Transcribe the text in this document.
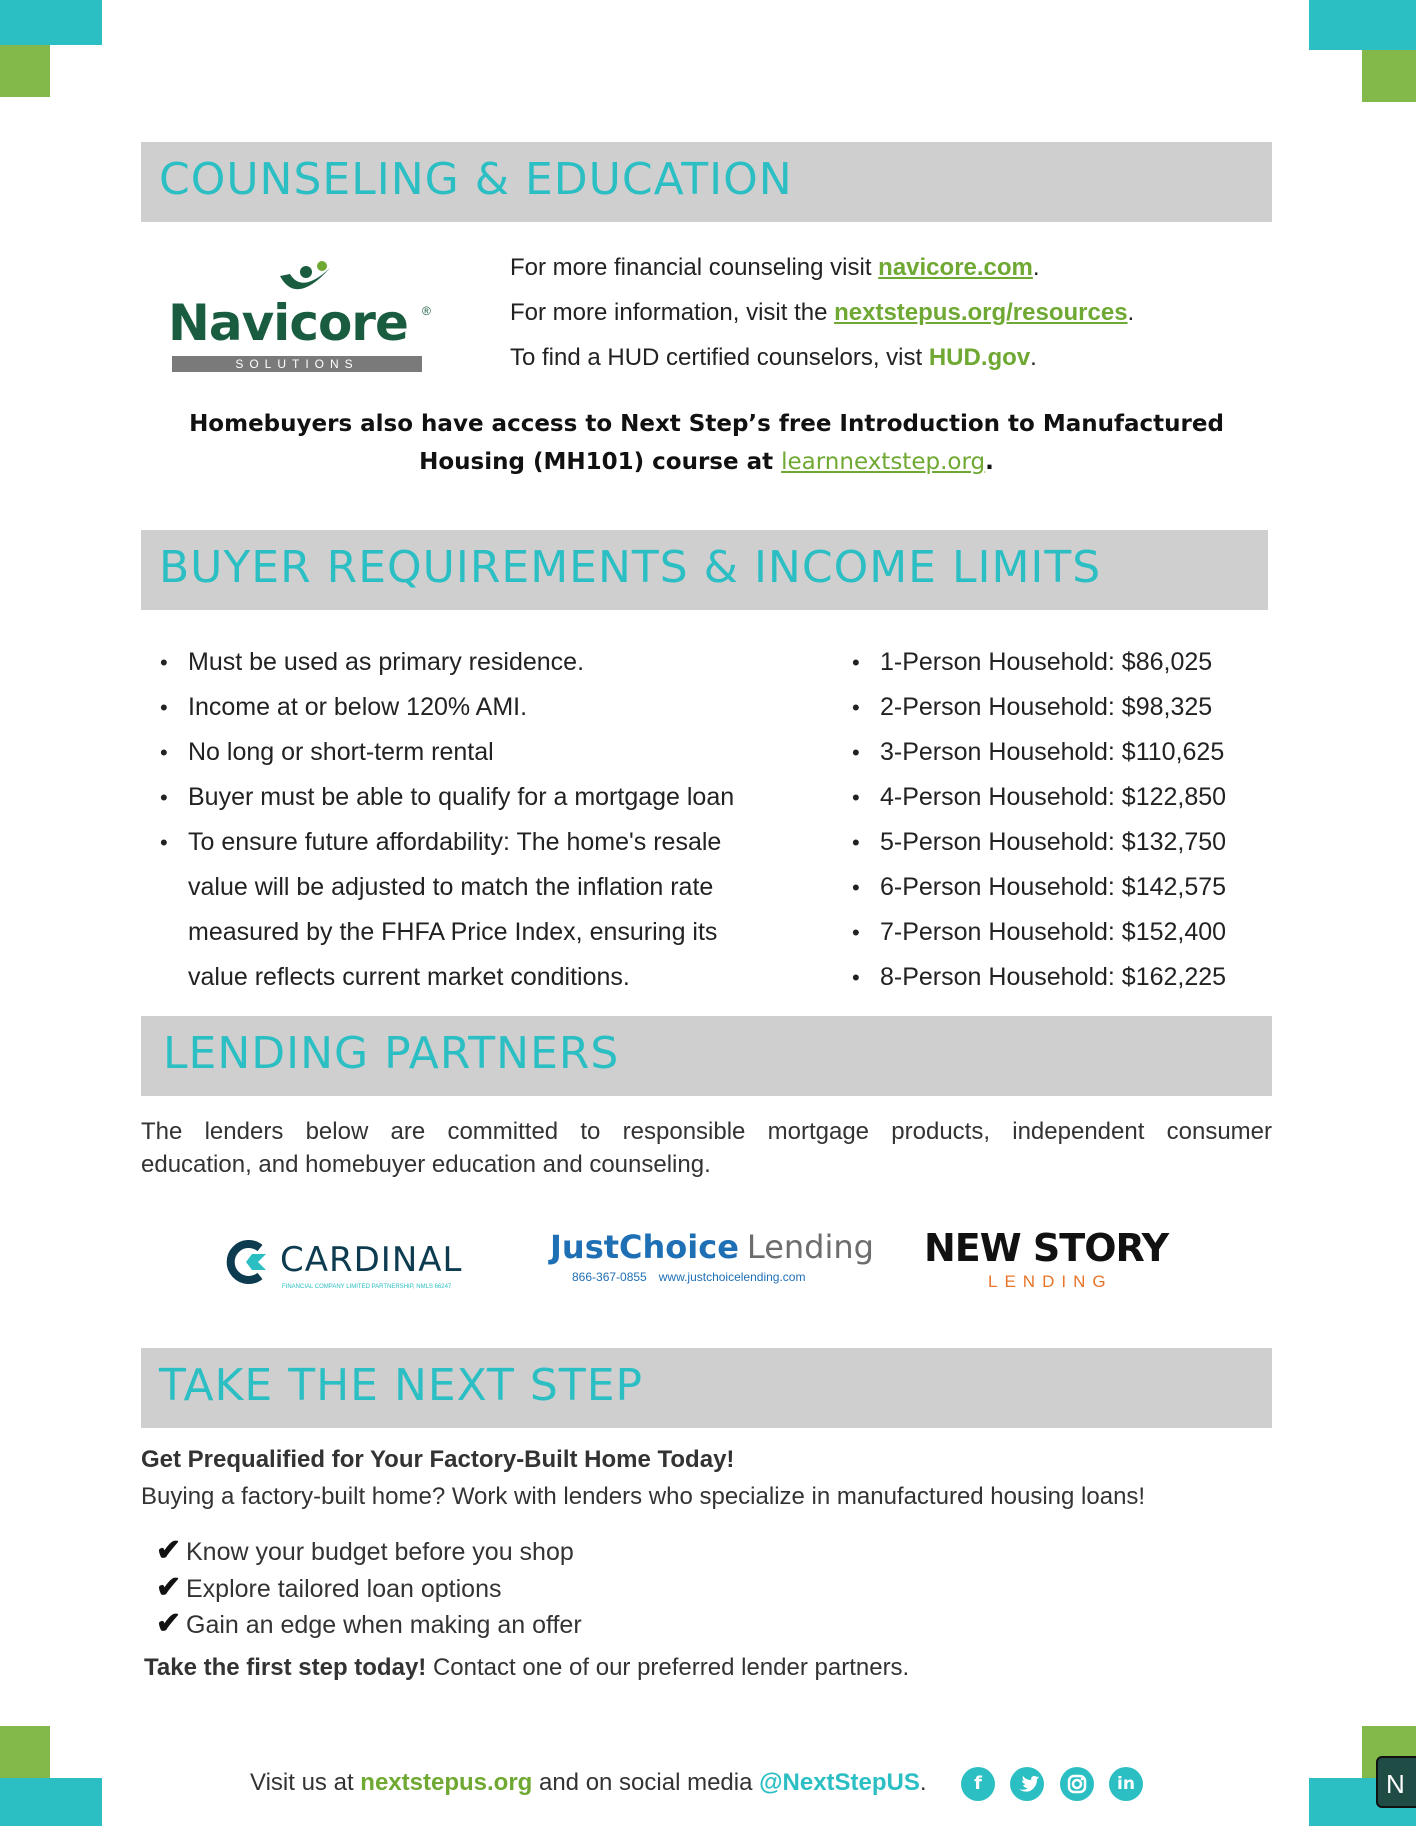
N
COUNSELING & EDUCATION
Navicore ®
SOLUTIONS
For more financial counseling visit navicore.com.
For more information, visit the nextstepus.org/resources.
To find a HUD certified counselors, vist HUD.gov.
Homebuyers also have access to Next Step’s free Introduction to Manufactured
Housing (MH101) course at learnnextstep.org.
BUYER REQUIREMENTS & INCOME LIMITS
• Must be used as primary residence.
• Income at or below 120% AMI.
• No long or short-term rental
• Buyer must be able to qualify for a mortgage loan
• To ensure future affordability: The home's resale
value will be adjusted to match the inflation rate
measured by the FHFA Price Index, ensuring its
value reflects current market conditions.
• 1-Person Household: $86,025
• 2-Person Household: $98,325
• 3-Person Household: $110,625
• 4-Person Household: $122,850
• 5-Person Household: $132,750
• 6-Person Household: $142,575
• 7-Person Household: $152,400
• 8-Person Household: $162,225
LENDING PARTNERS
The lenders below are committed to responsible mortgage products, independent consumer
education, and homebuyer education and counseling.
CARDINAL
FINANCIAL COMPANY LIMITED PARTNERSHIP, NMLS 66247
JustChoice Lending
866-367-0855 www.justchoicelending.com
NEW STORY
LENDING
TAKE THE NEXT STEP
Get Prequalified for Your Factory-Built Home Today!
Buying a factory-built home? Work with lenders who specialize in manufactured housing loans!
✔ Know your budget before you shop
✔ Explore tailored loan options
✔ Gain an edge when making an offer
Take the first step today! Contact one of our preferred lender partners.
Visit us at nextstepus.org and on social media @NextStepUS.	f	in
